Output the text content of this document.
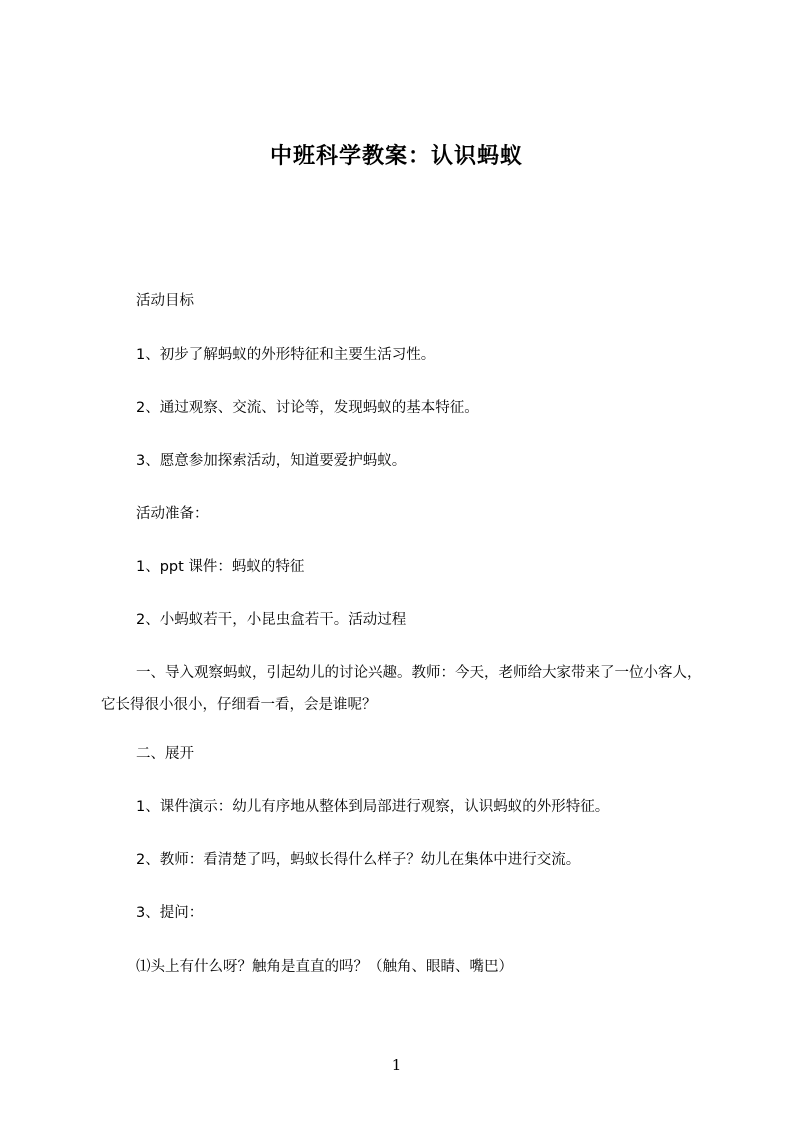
中班科学教案：认识蚂蚁
活动目标
1、初步了解蚂蚁的外形特征和主要生活习性。
2、通过观察、交流、讨论等，发现蚂蚁的基本特征。
3、愿意参加探索活动，知道要爱护蚂蚁。
活动准备：
1、ppt 课件：蚂蚁的特征
2、小蚂蚁若干，小昆虫盒若干。活动过程
一、导入观察蚂蚁，引起幼儿的讨论兴趣。教师：今天，老师给大家带来了一位小客人，它长得很小很小，仔细看一看，会是谁呢？
二、展开
1、课件演示：幼儿有序地从整体到局部进行观察，认识蚂蚁的外形特征。
2、教师：看清楚了吗，蚂蚁长得什么样子？幼儿在集体中进行交流。
3、提问：
⑴头上有什么呀？触角是直直的吗？（触角、眼睛、嘴巴）
1
